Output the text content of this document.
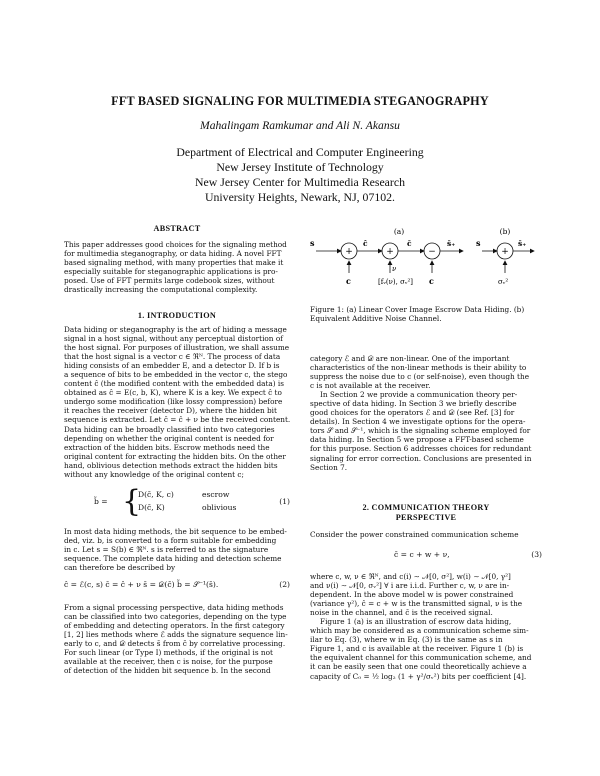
FFT BASED SIGNALING FOR MULTIMEDIA STEGANOGRAPHY
Mahalingam Ramkumar and Ali N. Akansu
Department of Electrical and Computer Engineering
New Jersey Institute of Technology
New Jersey Center for Multimedia Research
University Heights, Newark, NJ, 07102.
ABSTRACT
This paper addresses good choices for the signaling method
for multimedia steganography, or data hiding. A novel FFT
based signaling method, with many properties that make it
especially suitable for steganographic applications is pro-
posed. Use of FFT permits large codebook sizes, without
drastically increasing the computational complexity.
1. INTRODUCTION
Data hiding or steganography is the art of hiding a message
signal in a host signal, without any perceptual distortion of
the host signal. For purposes of illustration, we shall assume
that the host signal is a vector c ∈ ℜᴺ. The process of data
hiding consists of an embedder E, and a detector D. If b is
a sequence of bits to be embedded in the vector c, the stego
content ĉ (the modified content with the embedded data) is
obtained as ĉ = E(c, b, K), where K is a key. We expect ĉ to
undergo some modification (like lossy compression) before
it reaches the receiver (detector D), where the hidden bit
sequence is extracted. Let c̄ = ĉ + ν be the received content.
Data hiding can be broadly classified into two categories
depending on whether the original content is needed for
extraction of the hidden bits. Escrow methods need the
original content for extracting the hidden bits. On the other
hand, oblivious detection methods extract the hidden bits
without any knowledge of the original content c;
b̃ = {
D(c̄, K, c)	escrow
D(c̄, K)	oblivious
(1)
In most data hiding methods, the bit sequence to be embed-
ded, viz. b, is converted to a form suitable for embedding
in c. Let s = S(b) ∈ ℜᴺ. s is referred to as the signature
sequence. The complete data hiding and detection scheme
can therefore be described by
ĉ = ℰ(c, s) c̄ = ĉ + ν s̄ = 𝒟(c̄) b̃ = 𝒮⁻¹(s̄).	(2)
From a signal processing perspective, data hiding methods
can be classified into two categories, depending on the type
of embedding and detecting operators. In the first category
[1, 2] lies methods where ℰ adds the signature sequence lin-
early to c, and 𝒟 detects s̄ from c̄ by correlative processing.
For such linear (or Type I) methods, if the original is not
available at the receiver, then c is noise, for the purpose
of detection of the hidden bit sequence b. In the second
(a)	(b)
s
+
c
ĉ
+
ν
[fᵥ(ν), σᵥ²]
c̄
−
c
s̄₊	s
+
σᵥ²
s̄₊
Figure 1: (a) Linear Cover Image Escrow Data Hiding. (b)
Equivalent Additive Noise Channel.
category ℰ and 𝒟 are non-linear. One of the important
characteristics of the non-linear methods is their ability to
suppress the noise due to c (or self-noise), even though the
c is not available at the receiver.
In Section 2 we provide a communication theory per-
spective of data hiding. In Section 3 we briefly describe
good choices for the operators ℰ and 𝒟 (see Ref. [3] for
details). In Section 4 we investigate options for the opera-
tors 𝒮 and 𝒮⁻¹, which is the signaling scheme employed for
data hiding. In Section 5 we propose a FFT-based scheme
for this purpose. Section 6 addresses choices for redundant
signaling for error correction. Conclusions are presented in
Section 7.
2. COMMUNICATION THEORY
PERSPECTIVE
Consider the power constrained communication scheme
c̄ = c + w + ν,	(3)
where c, w, ν ∈ ℜᴺ, and c(i) ∼ 𝒩[0, σ²], w(i) ∼ 𝒩[0, γ²]
and ν(i) ∼ 𝒩[0, σᵥ²] ∀ i are i.i.d. Further c, w, ν are in-
dependent. In the above model w is power constrained
(variance γ²), ĉ = c + w is the transmitted signal, ν is the
noise in the channel, and c̄ is the received signal.
Figure 1 (a) is an illustration of escrow data hiding,
which may be considered as a communication scheme sim-
ilar to Eq. (3), where w in Eq. (3) is the same as s in
Figure 1, and c is available at the receiver. Figure 1 (b) is
the equivalent channel for this communication scheme, and
it can be easily seen that one could theoretically achieve a
capacity of C₀ = ½ log₂ (1 + γ²/σᵥ²) bits per coefficient [4].
